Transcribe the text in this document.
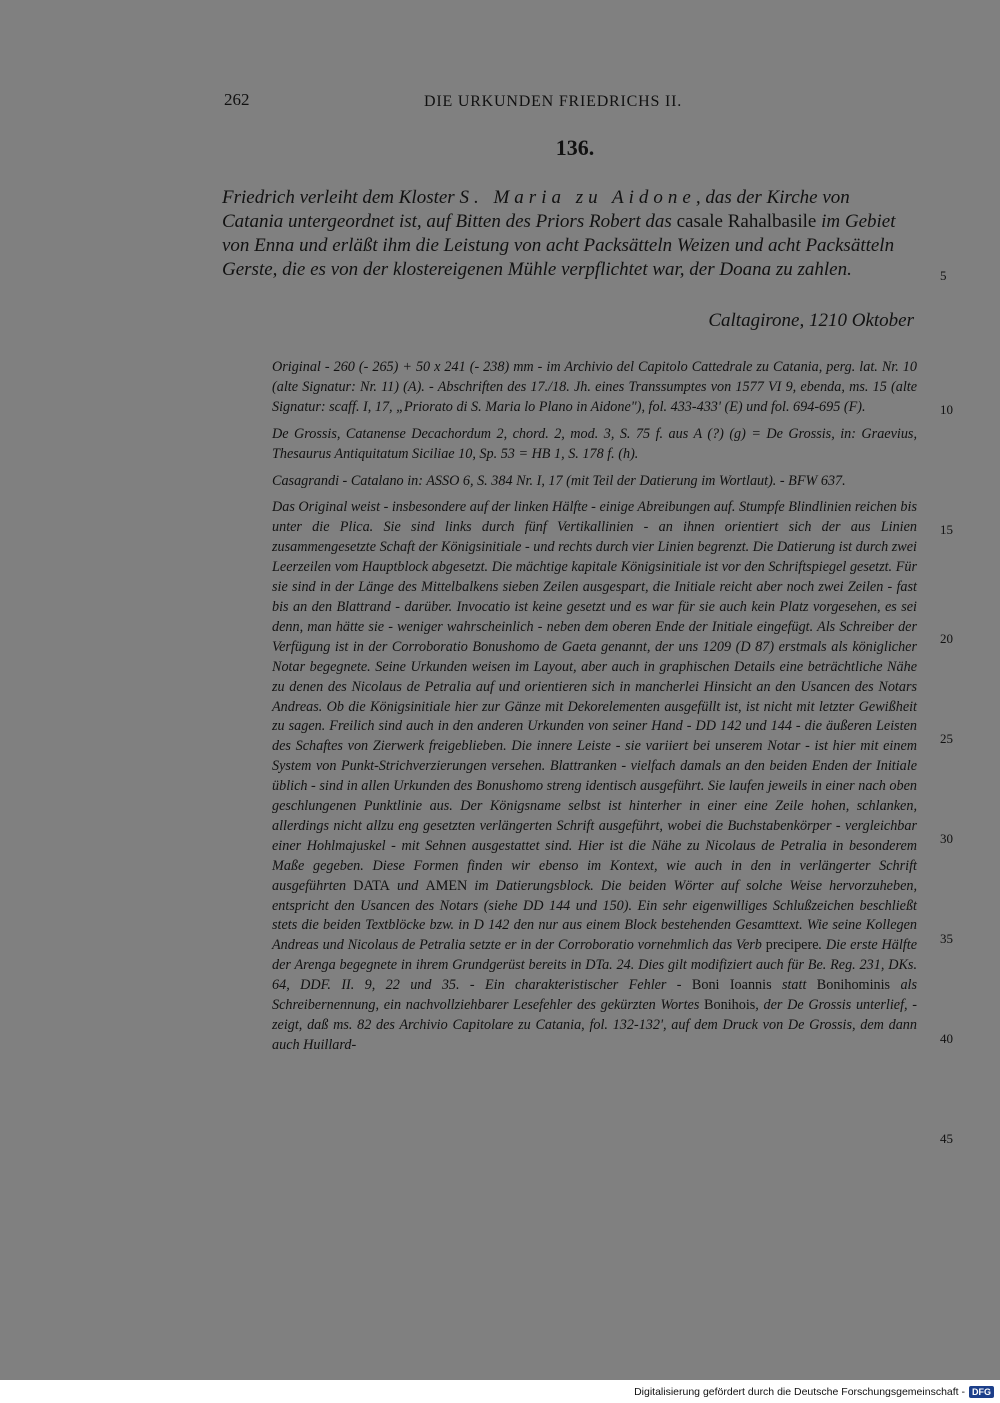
262	DIE URKUNDEN FRIEDRICHS II.
136.
Friedrich verleiht dem Kloster S. Maria zu Aidone, das der Kirche von Catania untergeordnet ist, auf Bitten des Priors Robert das casale Rahalbasile im Gebiet von Enna und erläßt ihm die Leistung von acht Packsätteln Weizen und acht Packsätteln Gerste, die es von der klostereigenen Mühle verpflichtet war, der Doana zu zahlen.
Caltagirone, 1210 Oktober

Original - 260 (- 265) + 50 x 241 (- 238) mm - im Archivio del Capitolo Cattedrale zu Catania, perg. lat. Nr. 10 (alte Signatur: Nr. 11) (A). - Abschriften des 17./18. Jh. eines Transsumptes von 1577 VI 9, ebenda, ms. 15 (alte Signatur: scaff. I, 17, „Priorato di S. Maria lo Plano in Aidone"), fol. 433-433' (E) und fol. 694-695 (F).

De Grossis, Catanense Decachordum 2, chord. 2, mod. 3, S. 75 f. aus A (?) (g) = De Grossis, in: Graevius, Thesaurus Antiquitatum Siciliae 10, Sp. 53 = HB 1, S. 178 f. (h).

Casagrandi - Catalano in: ASSO 6, S. 384 Nr. I, 17 (mit Teil der Datierung im Wortlaut). - BFW 637.

Das Original weist - insbesondere auf der linken Hälfte - einige Abreibungen auf. Stumpfe Blindlinien reichen bis unter die Plica. Sie sind links durch fünf Vertikallinien - an ihnen orientiert sich der aus Linien zusammengesetzte Schaft der Königsinitiale - und rechts durch vier Linien begrenzt. Die Datierung ist durch zwei Leerzeilen vom Hauptblock abgesetzt. Die mächtige kapitale Königsinitiale ist vor den Schriftspiegel gesetzt. Für sie sind in der Länge des Mittelbalkens sieben Zeilen ausgespart, die Initiale reicht aber noch zwei Zeilen - fast bis an den Blattrand - darüber. Invocatio ist keine gesetzt und es war für sie auch kein Platz vorgesehen, es sei denn, man hätte sie - weniger wahrscheinlich - neben dem oberen Ende der Initiale eingefügt. Als Schreiber der Verfügung ist in der Corroboratio Bonushomo de Gaeta genannt, der uns 1209 (D 87) erstmals als königlicher Notar begegnete. Seine Urkunden weisen im Layout, aber auch in graphischen Details eine beträchtliche Nähe zu denen des Nicolaus de Petralia auf und orientieren sich in mancherlei Hinsicht an den Usancen des Notars Andreas. Ob die Königsinitiale hier zur Gänze mit Dekorelementen ausgefüllt ist, ist nicht mit letzter Gewißheit zu sagen. Freilich sind auch in den anderen Urkunden von seiner Hand - DD 142 und 144 - die äußeren Leisten des Schaftes von Zierwerk freigeblieben. Die innere Leiste - sie variiert bei unserem Notar - ist hier mit einem System von Punkt-Strichverzierungen versehen. Blattranken - vielfach damals an den beiden Enden der Initiale üblich - sind in allen Urkunden des Bonushomo streng identisch ausgeführt. Sie laufen jeweils in einer nach oben geschlungenen Punktlinie aus. Der Königsname selbst ist hinterher in einer eine Zeile hohen, schlanken, allerdings nicht allzu eng gesetzten verlängerten Schrift ausgeführt, wobei die Buchstabenkörper - vergleichbar einer Hohlmajuskel - mit Sehnen ausgestattet sind. Hier ist die Nähe zu Nicolaus de Petralia in besonderem Maße gegeben. Diese Formen finden wir ebenso im Kontext, wie auch in den in verlängerter Schrift ausgeführten DATA und AMEN im Datierungsblock. Die beiden Wörter auf solche Weise hervorzuheben, entspricht den Usancen des Notars (siehe DD 144 und 150). Ein sehr eigenwilliges Schlußzeichen beschließt stets die beiden Textblöcke bzw. in D 142 den nur aus einem Block bestehenden Gesamttext. Wie seine Kollegen Andreas und Nicolaus de Petralia setzte er in der Corroboratio vornehmlich das Verb precipere. Die erste Hälfte der Arenga begegnete in ihrem Grundgerüst bereits in DTa. 24. Dies gilt modifiziert auch für Be. Reg. 231, DKs. 64, DDF. II. 9, 22 und 35. - Ein charakteristischer Fehler - Boni Ioannis statt Bonihominis als Schreibernennung, ein nachvollziehbarer Lesefehler des gekürzten Wortes Bonihois, der De Grossis unterlief, - zeigt, daß ms. 82 des Archivio Capitolare zu Catania, fol. 132-132', auf dem Druck von De Grossis, dem dann auch Huillard-

5
10
15
20
25
30
35
40
45
Digitalisierung gefördert durch die Deutsche Forschungsgemeinschaft - DFG
